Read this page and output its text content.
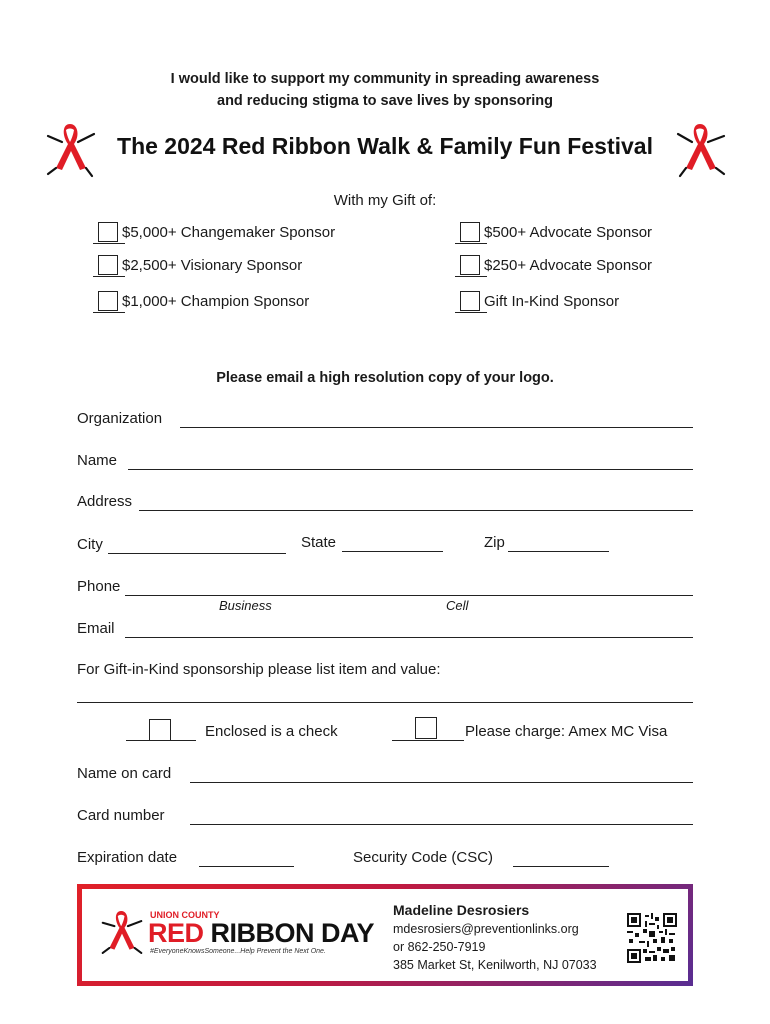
I would like to support my community in spreading awareness
and reducing stigma to save lives by sponsoring
The 2024 Red Ribbon Walk & Family Fun Festival
With my Gift of:
$5,000+ Changemaker Sponsor
$2,500+ Visionary Sponsor
$1,000+ Champion Sponsor
$500+ Advocate Sponsor
$250+ Advocate Sponsor
Gift In-Kind Sponsor
Please email a high resolution copy of your logo.
Organization
Name
Address
City	State	Zip
Phone
Business	Cell
Email
For Gift-in-Kind sponsorship please list item and value:
Enclosed is a check	Please charge: Amex MC Visa
Name on card
Card number
Expiration date	Security Code (CSC)
UNION COUNTY
RED RIBBON DAY
#EveryoneKnowsSomeone...Help Prevent the Next One.
Madeline Desrosiers
mdesrosiers@preventionlinks.org
or 862-250-7919
385 Market St, Kenilworth, NJ 07033
